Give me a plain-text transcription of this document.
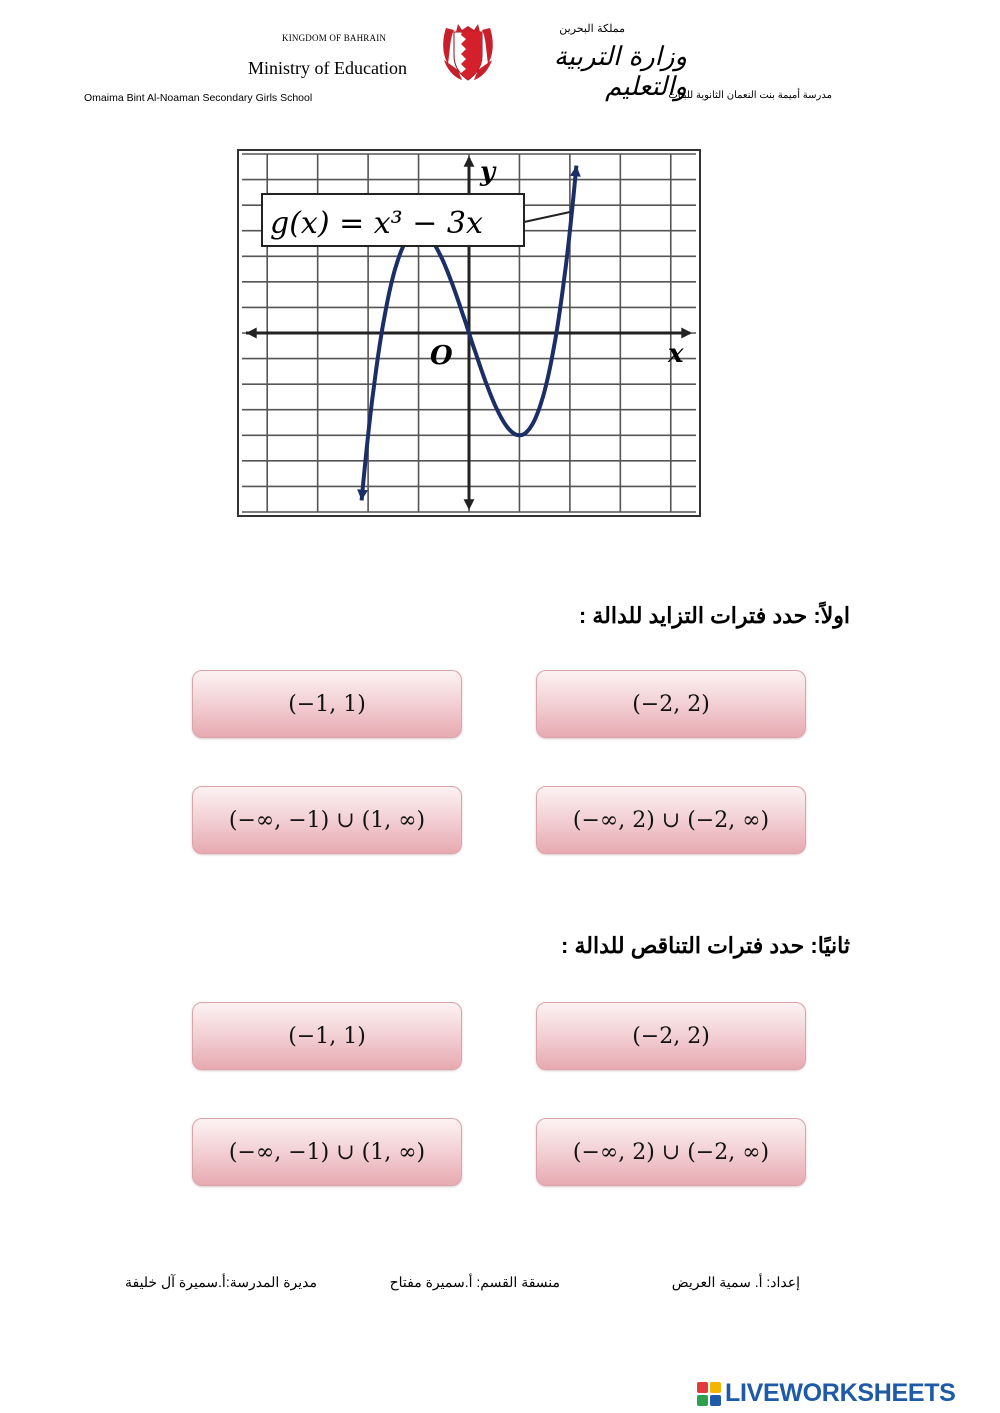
KINGDOM OF BAHRAIN
Ministry of Education
مملكة البحرين
وزارة التربية والتعليم
Omaima Bint Al-Noaman Secondary Girls School	مدرسة أميمة بنت النعمان الثانوية للبنات
g(x) = x³ − 3x
y
x
O
اولاً: حدد فترات التزايد للدالة :
(−1, 1)	(−2, 2)
(−∞, −1) ∪ (1, ∞)	(−∞, 2) ∪ (−2, ∞)
ثانيًا: حدد فترات التناقص للدالة :
(−1, 1)	(−2, 2)
(−∞, −1) ∪ (1, ∞)	(−∞, 2) ∪ (−2, ∞)
إعداد: أ. سمية العريض
منسقة القسم: أ.سميرة مفتاح
مديرة المدرسة:أ.سميرة آل خليفة
LIVEWORKSHEETS
